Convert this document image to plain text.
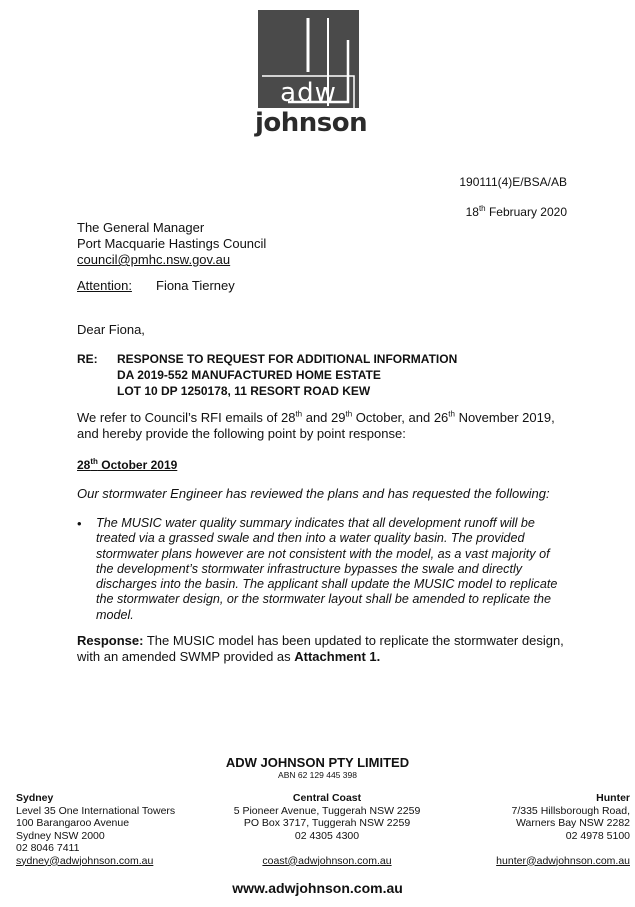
adw
johnson
190111(4)E/BSA/AB
18th February 2020
The General Manager
Port Macquarie Hastings Council
council@pmhc.nsw.gov.au
Attention: Fiona Tierney
Dear Fiona,
RE: RESPONSE TO REQUEST FOR ADDITIONAL INFORMATION
DA 2019-552 MANUFACTURED HOME ESTATE
LOT 10 DP 1250178, 11 RESORT ROAD KEW
We refer to Council’s RFI emails of 28th and 29th October, and 26th November 2019,
and hereby provide the following point by point response:
28th October 2019
Our stormwater Engineer has reviewed the plans and has requested the following:
• The MUSIC water quality summary indicates that all development runoff will be treated via a grassed swale and then into a water quality basin. The provided stormwater plans however are not consistent with the model, as a vast majority of the development’s stormwater infrastructure bypasses the swale and directly discharges into the basin. The applicant shall update the MUSIC model to replicate the stormwater design, or the stormwater layout shall be amended to replicate the model.
Response: The MUSIC model has been updated to replicate the stormwater design,
with an amended SWMP provided as Attachment 1.
ADW JOHNSON PTY LIMITED
ABN 62 129 445 398
Sydney
Level 35 One International Towers
100 Barangaroo Avenue
Sydney NSW 2000
02 8046 7411
sydney@adwjohnson.com.au
Central Coast
5 Pioneer Avenue, Tuggerah NSW 2259
PO Box 3717, Tuggerah NSW 2259
02 4305 4300
coast@adwjohnson.com.au
Hunter
7/335 Hillsborough Road,
Warners Bay NSW 2282
02 4978 5100
hunter@adwjohnson.com.au
www.adwjohnson.com.au
